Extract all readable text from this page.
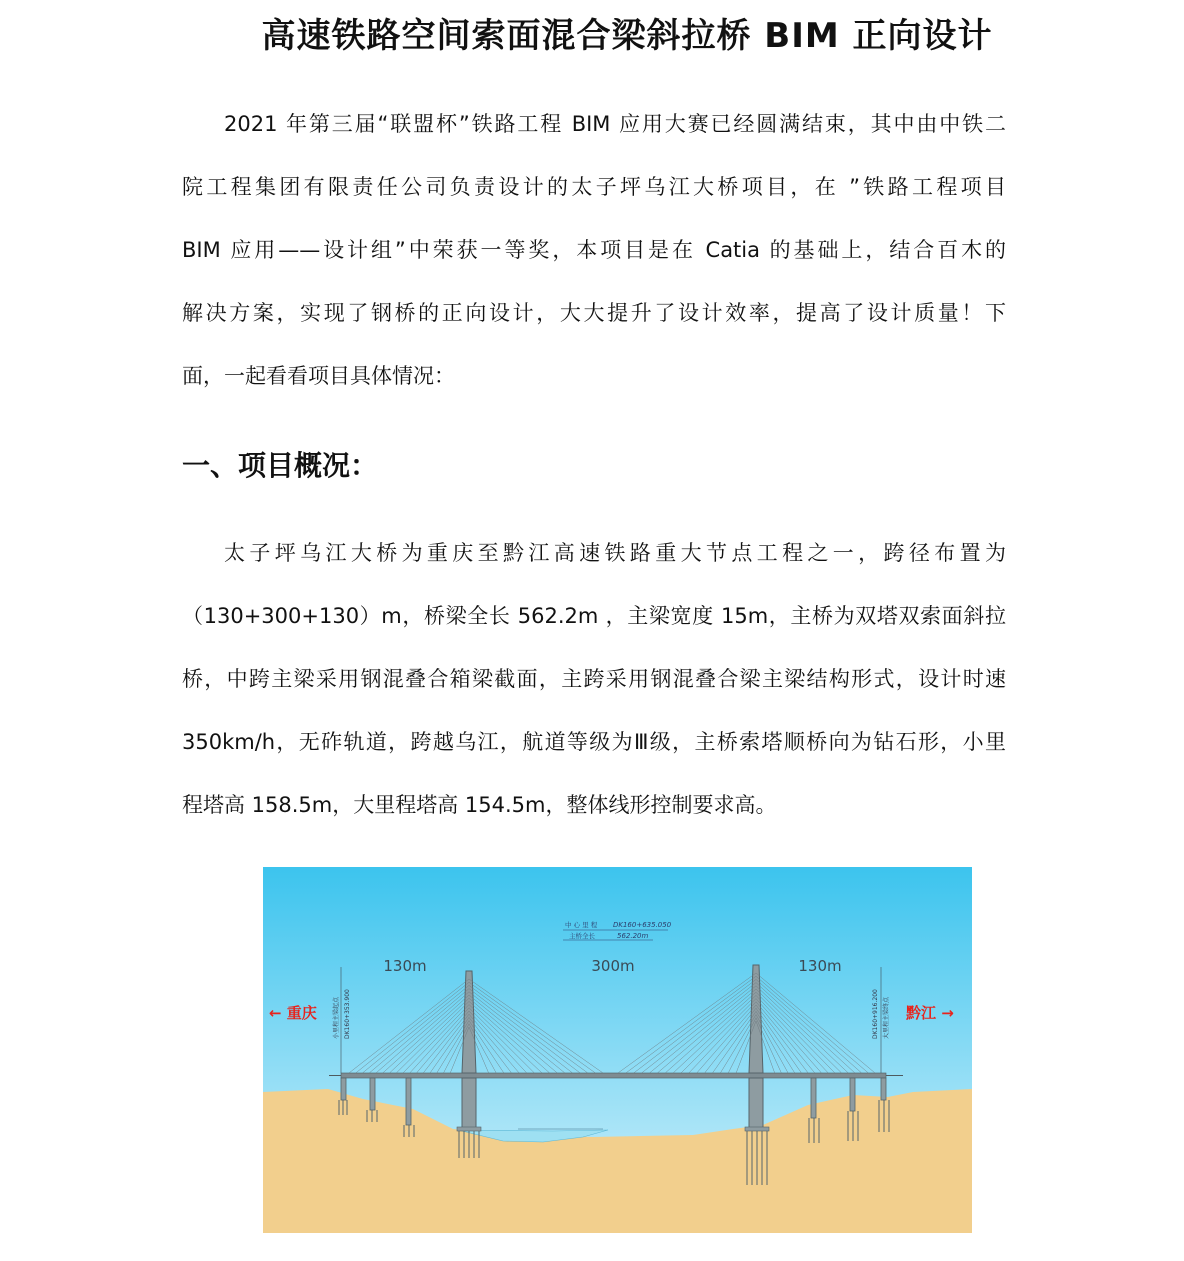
高速铁路空间索面混合梁斜拉桥 BIM 正向设计
2021 年第三届“联盟杯”铁路工程 BIM 应用大赛已经圆满结束，其中由中铁二
院工程集团有限责任公司负责设计的太子坪乌江大桥项目，在 ”铁路工程项目
BIM 应用——设计组”中荣获一等奖，本项目是在 Catia 的基础上，结合百木的
解决方案，实现了钢桥的正向设计，大大提升了设计效率，提高了设计质量！下
面，一起看看项目具体情况：
一、项目概况：
太子坪乌江大桥为重庆至黔江高速铁路重大节点工程之一，跨径布置为
（130+300+130）m，桥梁全长 562.2m ，主梁宽度 15m，主桥为双塔双索面斜拉
桥，中跨主梁采用钢混叠合箱梁截面，主跨采用钢混叠合梁主梁结构形式，设计时速
350km/h，无砟轨道，跨越乌江，航道等级为Ⅲ级，主桥索塔顺桥向为钻石形，小里
程塔高 158.5m，大里程塔高 154.5m，整体线形控制要求高。
小里程主梁起点 DK160+353.900	DK160+916.200 大里程主梁终点
130m	300m	130m
中 心 里 程 DK160+635.050
主桥全长	562.20m
← 重庆	黔江 →
